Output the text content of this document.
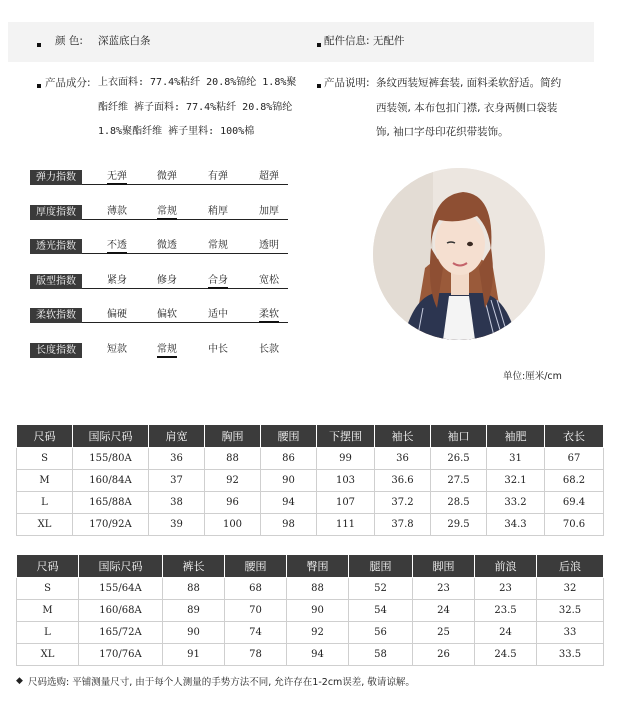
颜 色: 深蓝底白条	配件信息: 无配件
产品成分: 上衣面料: 77.4%粘纤 20.8%锦纶 1.8%聚
酯纤维 裤子面料: 77.4%粘纤 20.8%锦纶
1.8%聚酯纤维 裤子里料: 100%棉
产品说明: 条纹西装短裤套装, 面料柔软舒适。简约
西装领, 本布包扣门襟, 衣身两侧口袋装
饰, 袖口字母印花织带装饰。
弹力指数	无弹	微弹	有弹	超弹
厚度指数	薄款	常规	稍厚	加厚
透光指数	不透	微透	常规	透明
版型指数	紧身	修身	合身	宽松
柔软指数	偏硬	偏软	适中	柔软
长度指数	短款	常规	中长	长款
单位:厘米/cm
尺码	国际尺码	肩宽	胸围	腰围	下摆围	袖长	袖口	袖肥	衣长
S	155/80A	36	88	86	99	36	26.5	31	67
M	160/84A	37	92	90	103	36.6	27.5	32.1	68.2
L	165/88A	38	96	94	107	37.2	28.5	33.2	69.4
XL	170/92A	39	100	98	111	37.8	29.5	34.3	70.6
尺码	国际尺码	裤长	腰围	臀围	腿围	脚围	前浪	后浪
S	155/64A	88	68	88	52	23	23	32
M	160/68A	89	70	90	54	24	23.5	32.5
L	165/72A	90	74	92	56	25	24	33
XL	170/76A	91	78	94	58	26	24.5	33.5
◆ 尺码选购: 平铺测量尺寸, 由于每个人测量的手势方法不同, 允许存在1-2cm误差, 敬请谅解。
